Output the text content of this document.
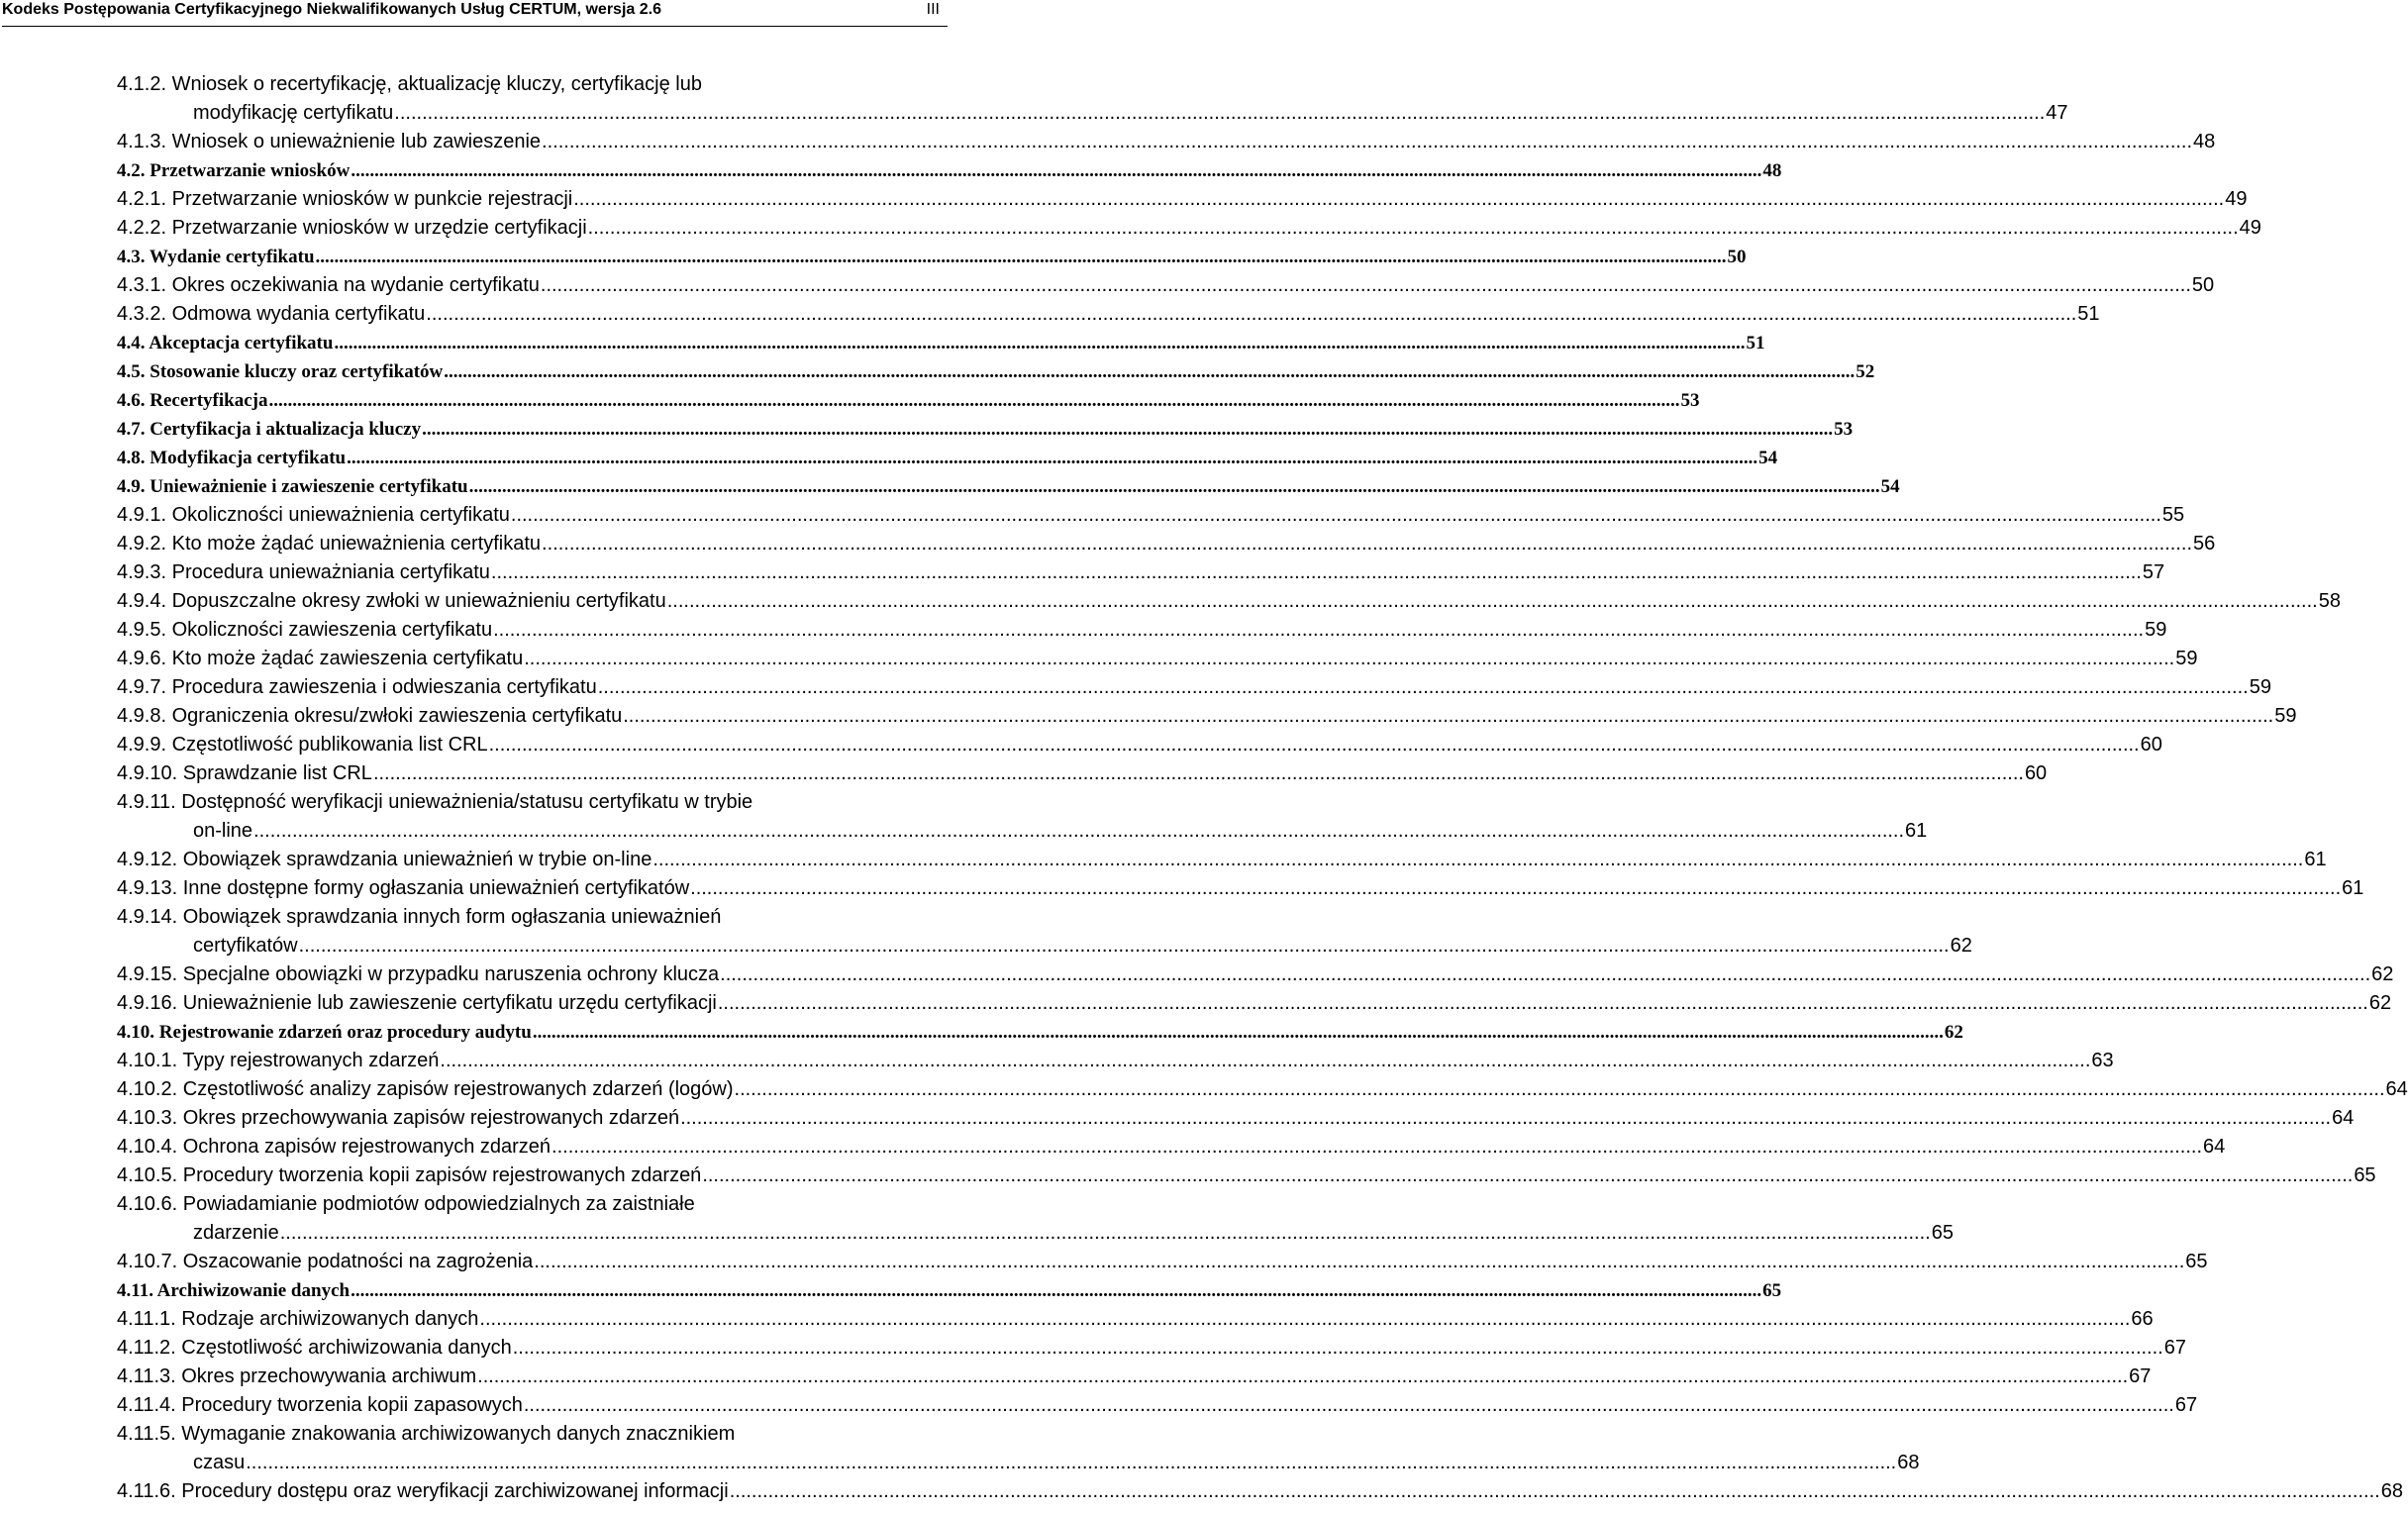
Kodeks Postępowania Certyfikacyjnego Niekwalifikowanych Usług CERTUM, wersja 2.6	III
4.1.2. Wniosek o recertyfikację, aktualizację kluczy, certyfikację lub
modyfikację certyfikatu ............................................................................................................................................................................................................................................................................................................ 47
4.1.3. Wniosek o unieważnienie lub zawieszenie ............................................................................................................................................................................................................................................................................................................ 48
4.2. Przetwarzanie wniosków ............................................................................................................................................................................................................................................................................................................ 48
4.2.1. Przetwarzanie wniosków w punkcie rejestracji ............................................................................................................................................................................................................................................................................................................ 49
4.2.2. Przetwarzanie wniosków w urzędzie certyfikacji ............................................................................................................................................................................................................................................................................................................ 49
4.3. Wydanie certyfikatu ............................................................................................................................................................................................................................................................................................................ 50
4.3.1. Okres oczekiwania na wydanie certyfikatu ............................................................................................................................................................................................................................................................................................................ 50
4.3.2. Odmowa wydania certyfikatu ............................................................................................................................................................................................................................................................................................................ 51
4.4. Akceptacja certyfikatu ............................................................................................................................................................................................................................................................................................................ 51
4.5. Stosowanie kluczy oraz certyfikatów ............................................................................................................................................................................................................................................................................................................ 52
4.6. Recertyfikacja ............................................................................................................................................................................................................................................................................................................ 53
4.7. Certyfikacja i aktualizacja kluczy ............................................................................................................................................................................................................................................................................................................ 53
4.8. Modyfikacja certyfikatu ............................................................................................................................................................................................................................................................................................................ 54
4.9. Unieważnienie i zawieszenie certyfikatu ............................................................................................................................................................................................................................................................................................................ 54
4.9.1. Okoliczności unieważnienia certyfikatu ............................................................................................................................................................................................................................................................................................................ 55
4.9.2. Kto może żądać unieważnienia certyfikatu ............................................................................................................................................................................................................................................................................................................ 56
4.9.3. Procedura unieważniania certyfikatu ............................................................................................................................................................................................................................................................................................................ 57
4.9.4. Dopuszczalne okresy zwłoki w unieważnieniu certyfikatu ............................................................................................................................................................................................................................................................................................................ 58
4.9.5. Okoliczności zawieszenia certyfikatu ............................................................................................................................................................................................................................................................................................................ 59
4.9.6. Kto może żądać zawieszenia certyfikatu ............................................................................................................................................................................................................................................................................................................ 59
4.9.7. Procedura zawieszenia i odwieszania certyfikatu ............................................................................................................................................................................................................................................................................................................ 59
4.9.8. Ograniczenia okresu/zwłoki zawieszenia certyfikatu ............................................................................................................................................................................................................................................................................................................ 59
4.9.9. Częstotliwość publikowania list CRL ............................................................................................................................................................................................................................................................................................................ 60
4.9.10. Sprawdzanie list CRL ............................................................................................................................................................................................................................................................................................................ 60
4.9.11. Dostępność weryfikacji unieważnienia/statusu certyfikatu w trybie
on-line ............................................................................................................................................................................................................................................................................................................ 61
4.9.12. Obowiązek sprawdzania unieważnień w trybie on-line ............................................................................................................................................................................................................................................................................................................ 61
4.9.13. Inne dostępne formy ogłaszania unieważnień certyfikatów ............................................................................................................................................................................................................................................................................................................ 61
4.9.14. Obowiązek sprawdzania innych form ogłaszania unieważnień
certyfikatów ............................................................................................................................................................................................................................................................................................................ 62
4.9.15. Specjalne obowiązki w przypadku naruszenia ochrony klucza ............................................................................................................................................................................................................................................................................................................ 62
4.9.16. Unieważnienie lub zawieszenie certyfikatu urzędu certyfikacji ............................................................................................................................................................................................................................................................................................................ 62
4.10. Rejestrowanie zdarzeń oraz procedury audytu ............................................................................................................................................................................................................................................................................................................ 62
4.10.1. Typy rejestrowanych zdarzeń ............................................................................................................................................................................................................................................................................................................ 63
4.10.2. Częstotliwość analizy zapisów rejestrowanych zdarzeń (logów) ............................................................................................................................................................................................................................................................................................................ 64
4.10.3. Okres przechowywania zapisów rejestrowanych zdarzeń ............................................................................................................................................................................................................................................................................................................ 64
4.10.4. Ochrona zapisów rejestrowanych zdarzeń ............................................................................................................................................................................................................................................................................................................ 64
4.10.5. Procedury tworzenia kopii zapisów rejestrowanych zdarzeń ............................................................................................................................................................................................................................................................................................................ 65
4.10.6. Powiadamianie podmiotów odpowiedzialnych za zaistniałe
zdarzenie ............................................................................................................................................................................................................................................................................................................ 65
4.10.7. Oszacowanie podatności na zagrożenia ............................................................................................................................................................................................................................................................................................................ 65
4.11. Archiwizowanie danych ............................................................................................................................................................................................................................................................................................................ 65
4.11.1. Rodzaje archiwizowanych danych ............................................................................................................................................................................................................................................................................................................ 66
4.11.2. Częstotliwość archiwizowania danych ............................................................................................................................................................................................................................................................................................................ 67
4.11.3. Okres przechowywania archiwum ............................................................................................................................................................................................................................................................................................................ 67
4.11.4. Procedury tworzenia kopii zapasowych ............................................................................................................................................................................................................................................................................................................ 67
4.11.5. Wymaganie znakowania archiwizowanych danych znacznikiem
czasu ............................................................................................................................................................................................................................................................................................................ 68
4.11.6. Procedury dostępu oraz weryfikacji zarchiwizowanej informacji ............................................................................................................................................................................................................................................................................................................ 68
